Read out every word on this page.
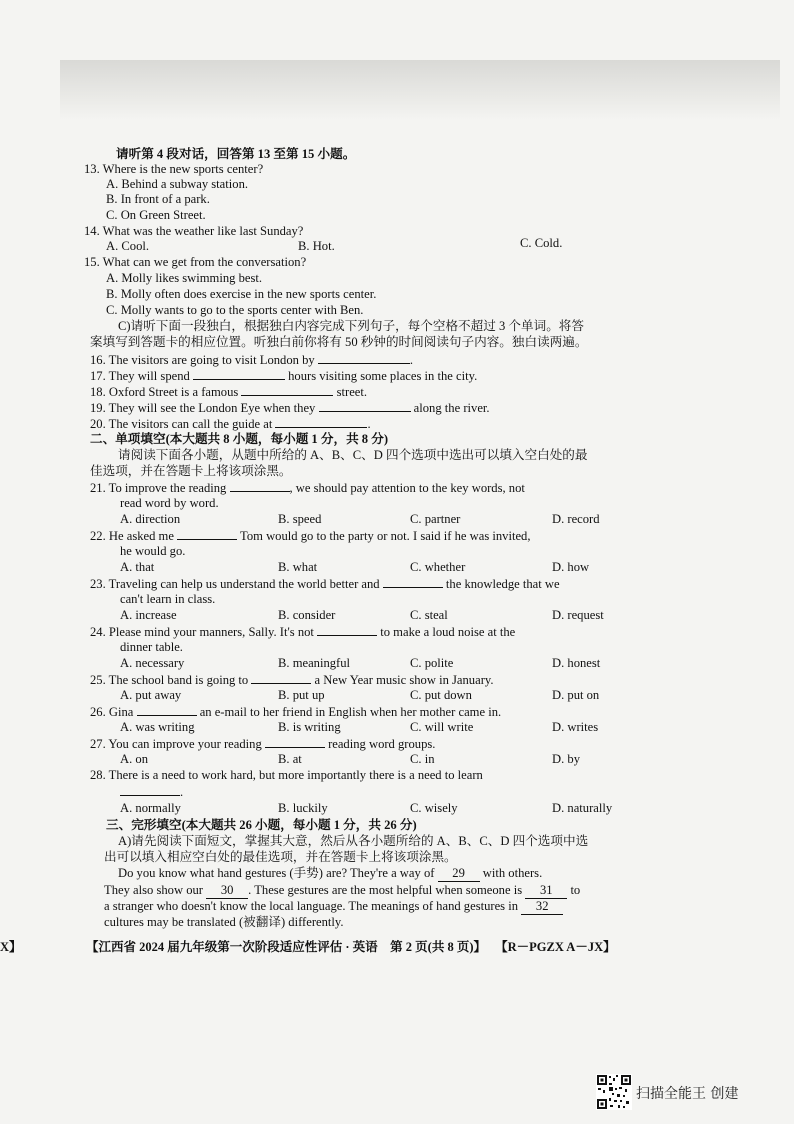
请听第 4 段对话，回答第 13 至第 15 小题。
13. Where is the new sports center?
A. Behind a subway station.
B. In front of a park.
C. On Green Street.
14. What was the weather like last Sunday?
A. Cool.	B. Hot.	C. Cold.
15. What can we get from the conversation?
A. Molly likes swimming best.
B. Molly often does exercise in the new sports center.
C. Molly wants to go to the sports center with Ben.
C)请听下面一段独白，根据独白内容完成下列句子，每个空格不超过 3 个单词。将答
案填写到答题卡的相应位置。听独白前你将有 50 秒钟的时间阅读句子内容。独白读两遍。
16. The visitors are going to visit London by	.
17. They will spend	hours visiting some places in the city.
18. Oxford Street is a famous	street.
19. They will see the London Eye when they	along the river.
20. The visitors can call the guide at	.
二、单项填空(本大题共 8 小题，每小题 1 分，共 8 分)
请阅读下面各小题，从题中所给的 A、B、C、D 四个选项中选出可以填入空白处的最
佳选项，并在答题卡上将该项涂黑。
21. To improve the reading	, we should pay attention to the key words, not
read word by word.
A. direction	B. speed	C. partner	D. record
22. He asked me	Tom would go to the party or not. I said if he was invited,
he would go.
A. that	B. what	C. whether	D. how
23. Traveling can help us understand the world better and	the knowledge that we
can't learn in class.
A. increase	B. consider	C. steal	D. request
24. Please mind your manners, Sally. It's not	to make a loud noise at the
dinner table.
A. necessary	B. meaningful	C. polite	D. honest
25. The school band is going to	a New Year music show in January.
A. put away	B. put up	C. put down	D. put on
26. Gina	an e-mail to her friend in English when her mother came in.
A. was writing	B. is writing	C. will write	D. writes
27. You can improve your reading	reading word groups.
A. on	B. at	C. in	D. by
28. There is a need to work hard, but more importantly there is a need to learn
.
A. normally	B. luckily	C. wisely	D. naturally
三、完形填空(本大题共 26 小题，每小题 1 分，共 26 分)
A)请先阅读下面短文，掌握其大意，然后从各小题所给的 A、B、C、D 四个选项中选
出可以填入相应空白处的最佳选项，并在答题卡上将该项涂黑。
Do you know what hand gestures (手势) are? They're a way of 29 with others.
They also show our 30 . These gestures are the most helpful when someone is 31 to
a stranger who doesn't know the local language. The meanings of hand gestures in 32
cultures may be translated (被翻译) differently.
X】	【江西省 2024 届九年级第一次阶段适应性评估 · 英语　第 2 页(共 8 页)】 【R－PGZX A－JX】
扫描全能王 创建
